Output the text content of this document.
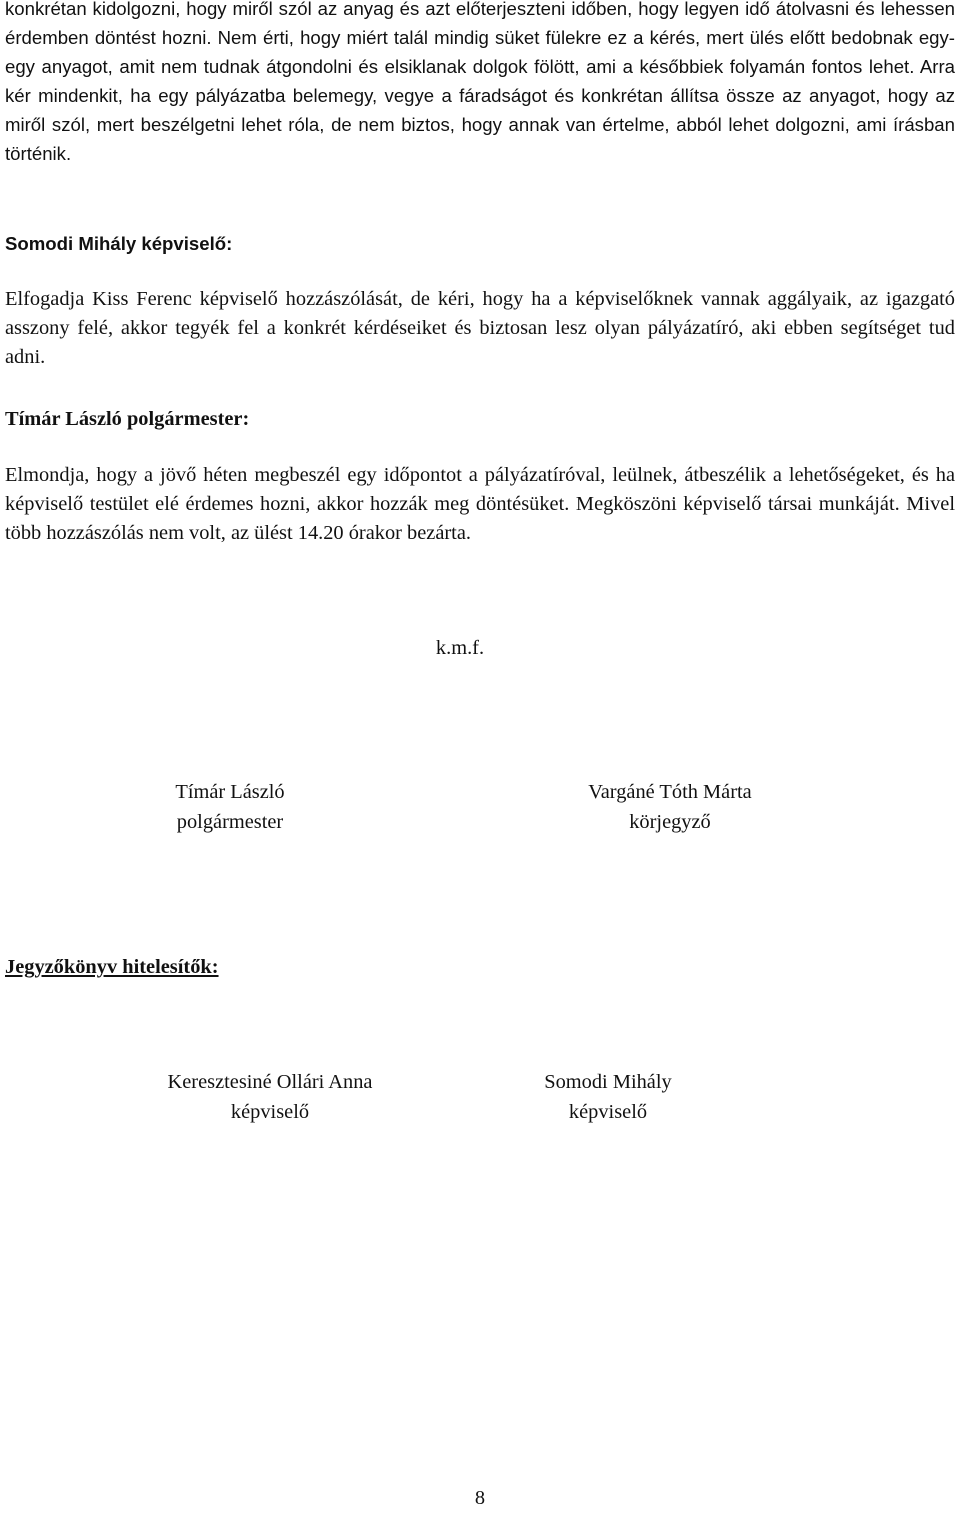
konkrétan kidolgozni, hogy miről szól az anyag és azt előterjeszteni időben, hogy legyen idő átolvasni és lehessen érdemben döntést hozni. Nem érti, hogy miért talál mindig süket fülekre ez a kérés, mert ülés előtt bedobnak egy- egy anyagot, amit nem tudnak átgondolni és elsiklanak dolgok fölött, ami a későbbiek folyamán fontos lehet. Arra kér mindenkit, ha egy pályázatba belemegy, vegye a fáradságot és konkrétan állítsa össze az anyagot, hogy az miről szól, mert beszélgetni lehet róla, de nem biztos, hogy annak van értelme, abból lehet dolgozni, ami írásban történik.

Somodi Mihály képviselő:

Elfogadja Kiss Ferenc képviselő hozzászólását, de kéri, hogy ha a képviselőknek vannak aggályaik, az igazgató asszony felé, akkor tegyék fel a konkrét kérdéseiket és biztosan lesz olyan pályázatíró, aki ebben segítséget tud adni.

Tímár László polgármester:

Elmondja, hogy a jövő héten megbeszél egy időpontot a pályázatíróval, leülnek, átbeszélik a lehetőségeket, és ha képviselő testület elé érdemes hozni, akkor hozzák meg döntésüket. Megköszöni képviselő társai munkáját. Mivel több hozzászólás nem volt, az ülést 14.20 órakor bezárta.

k.m.f.

Tímár László
polgármester
Vargáné Tóth Márta
körjegyző

Jegyzőkönyv hitelesítők:

Keresztesiné Ollári Anna
képviselő
Somodi Mihály
képviselő

8
